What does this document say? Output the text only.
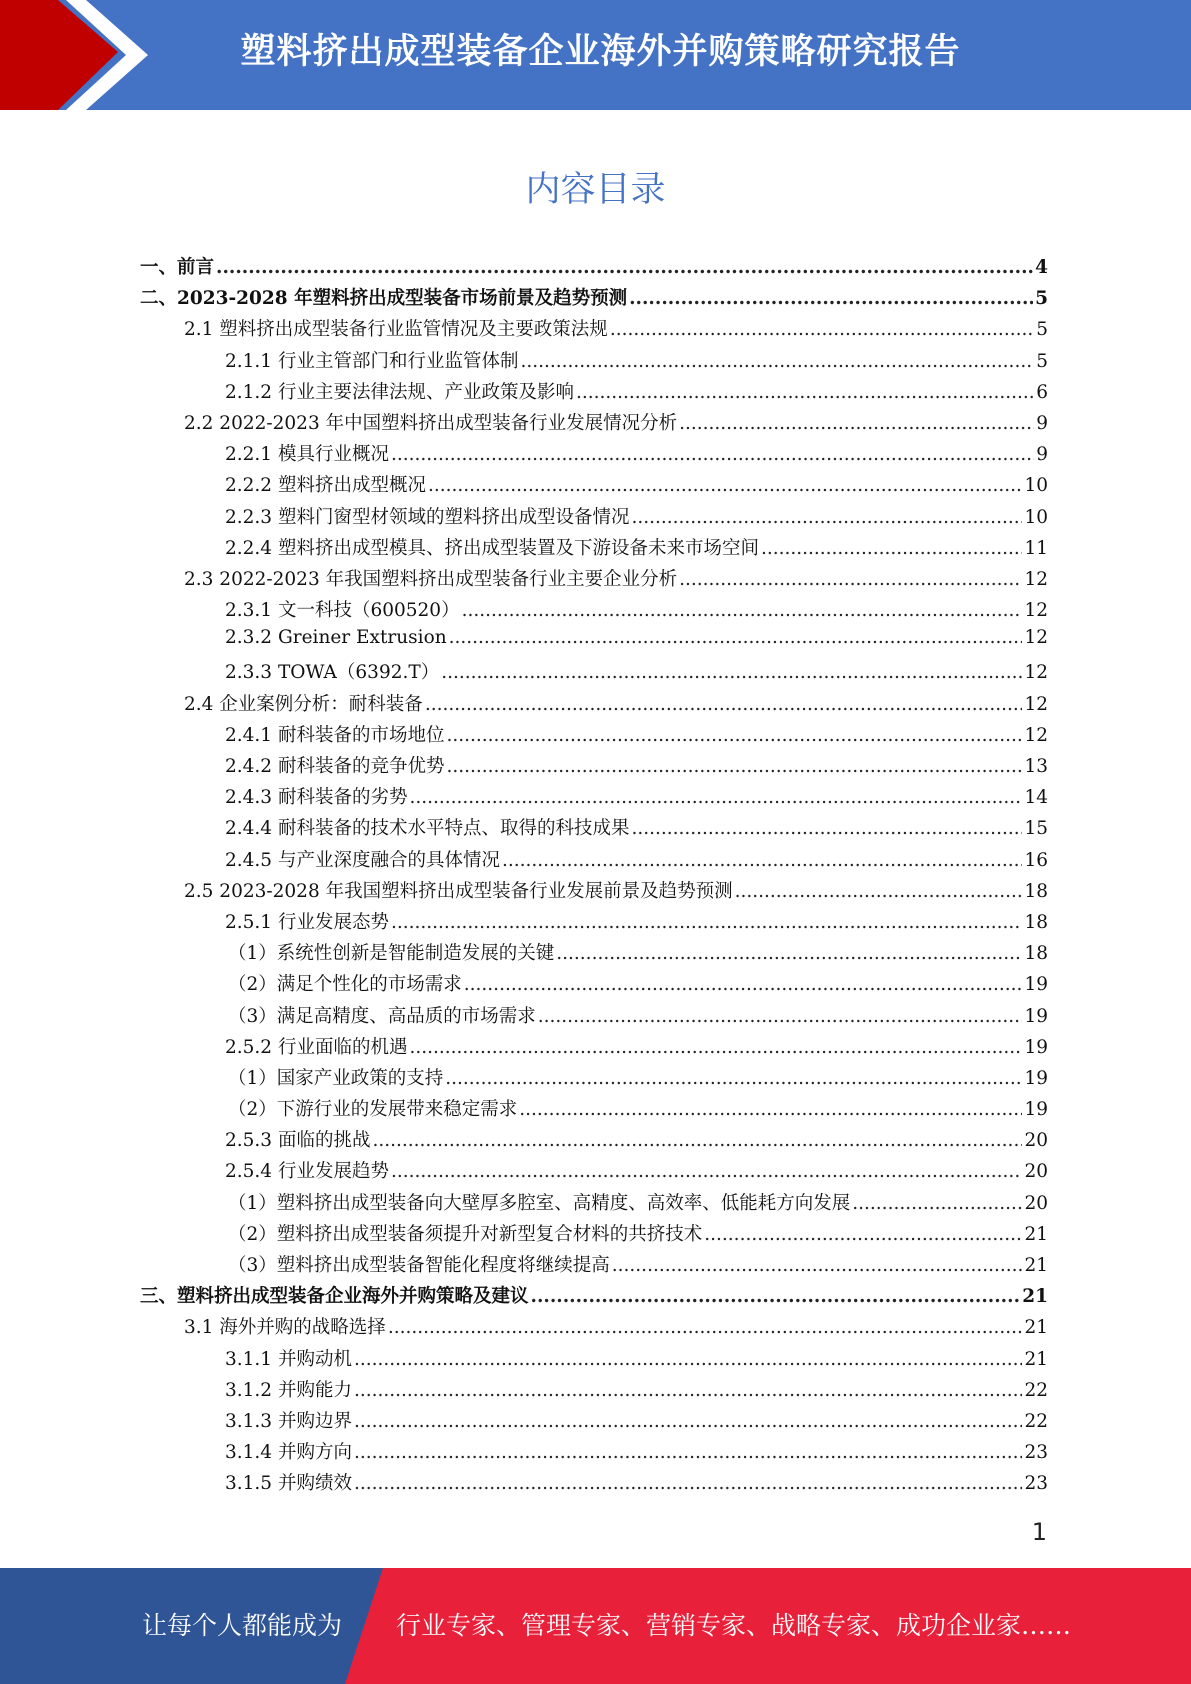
塑料挤出成型装备企业海外并购策略研究报告
内容目录
一、前言 .....	4
二、2023-2028 年塑料挤出成型装备市场前景及趋势预测 .....	5
2.1 塑料挤出成型装备行业监管情况及主要政策法规 .....	5
2.1.1 行业主管部门和行业监管体制 .....	5
2.1.2 行业主要法律法规、产业政策及影响 .....	6
2.2 2022-2023 年中国塑料挤出成型装备行业发展情况分析 .....	9
2.2.1 模具行业概况 .....	9
2.2.2 塑料挤出成型概况 .....	10
2.2.3 塑料门窗型材领域的塑料挤出成型设备情况 .....	10
2.2.4 塑料挤出成型模具、挤出成型装置及下游设备未来市场空间 .....	11
2.3 2022-2023 年我国塑料挤出成型装备行业主要企业分析 .....	12
2.3.1 文一科技（600520） .....	12
2.3.2 Greiner Extrusion .....	12
2.3.3 TOWA（6392.T） .....	12
2.4 企业案例分析：耐科装备 .....	12
2.4.1 耐科装备的市场地位 .....	12
2.4.2 耐科装备的竞争优势 .....	13
2.4.3 耐科装备的劣势 .....	14
2.4.4 耐科装备的技术水平特点、取得的科技成果 .....	15
2.4.5 与产业深度融合的具体情况 .....	16
2.5 2023-2028 年我国塑料挤出成型装备行业发展前景及趋势预测 .....	18
2.5.1 行业发展态势 .....	18
（1）系统性创新是智能制造发展的关键 .....	18
（2）满足个性化的市场需求 .....	19
（3）满足高精度、高品质的市场需求 .....	19
2.5.2 行业面临的机遇 .....	19
（1）国家产业政策的支持 .....	19
（2）下游行业的发展带来稳定需求 .....	19
2.5.3 面临的挑战 .....	20
2.5.4 行业发展趋势 .....	20
（1）塑料挤出成型装备向大壁厚多腔室、高精度、高效率、低能耗方向发展 .....	20
（2）塑料挤出成型装备须提升对新型复合材料的共挤技术 .....	21
（3）塑料挤出成型装备智能化程度将继续提高 .....	21
三、塑料挤出成型装备企业海外并购策略及建议 .....	21
3.1 海外并购的战略选择 .....	21
3.1.1 并购动机 .....	21
3.1.2 并购能力 .....	22
3.1.3 并购边界 .....	22
3.1.4 并购方向 .....	23
3.1.5 并购绩效 .....	23
1
让每个人都能成为 行业专家、管理专家、营销专家、战略专家、成功企业家……
